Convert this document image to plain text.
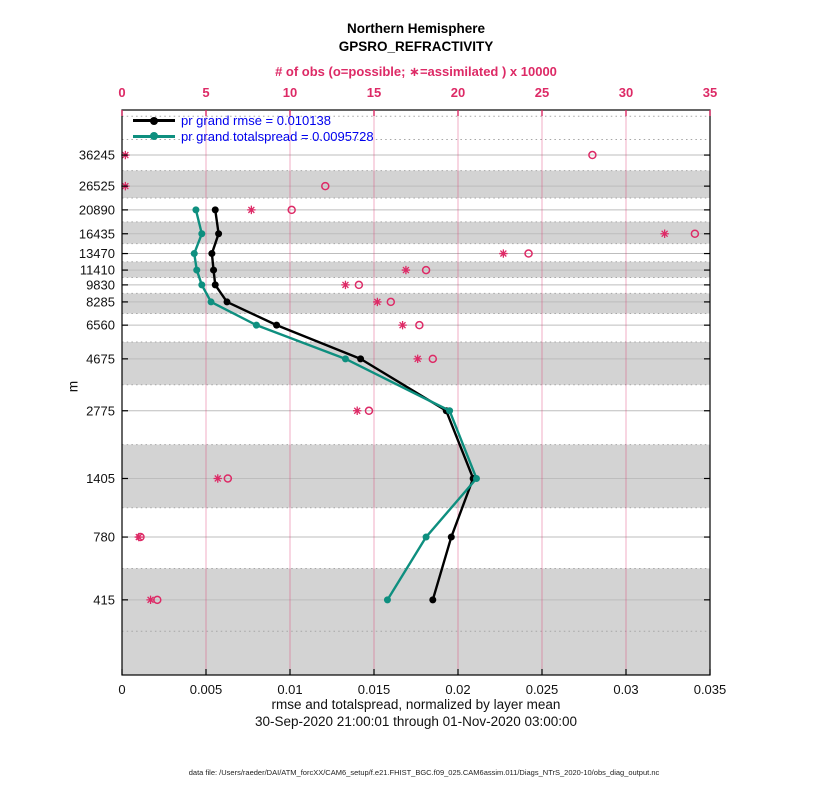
Northern Hemisphere
GPSRO_REFRACTIVITY
# of obs (o=possible; ∗=assimilated ) x 10000
0	0.005	0.01	0.015	0.02	0.025	0.03	0.035
0	5	10	15	20	25	30	35
36245
26525
20890
16435
13470
11410
9830
8285
6560
4675
2775
1405
780
415
pr grand rmse = 0.010138
pr grand totalspread = 0.0095728
m
rmse and totalspread, normalized by layer mean
30-Sep-2020 21:00:01 through 01-Nov-2020 03:00:00
data file: /Users/raeder/DAI/ATM_forcXX/CAM6_setup/f.e21.FHIST_BGC.f09_025.CAM6assim.011/Diags_NTrS_2020-10/obs_diag_output.nc
